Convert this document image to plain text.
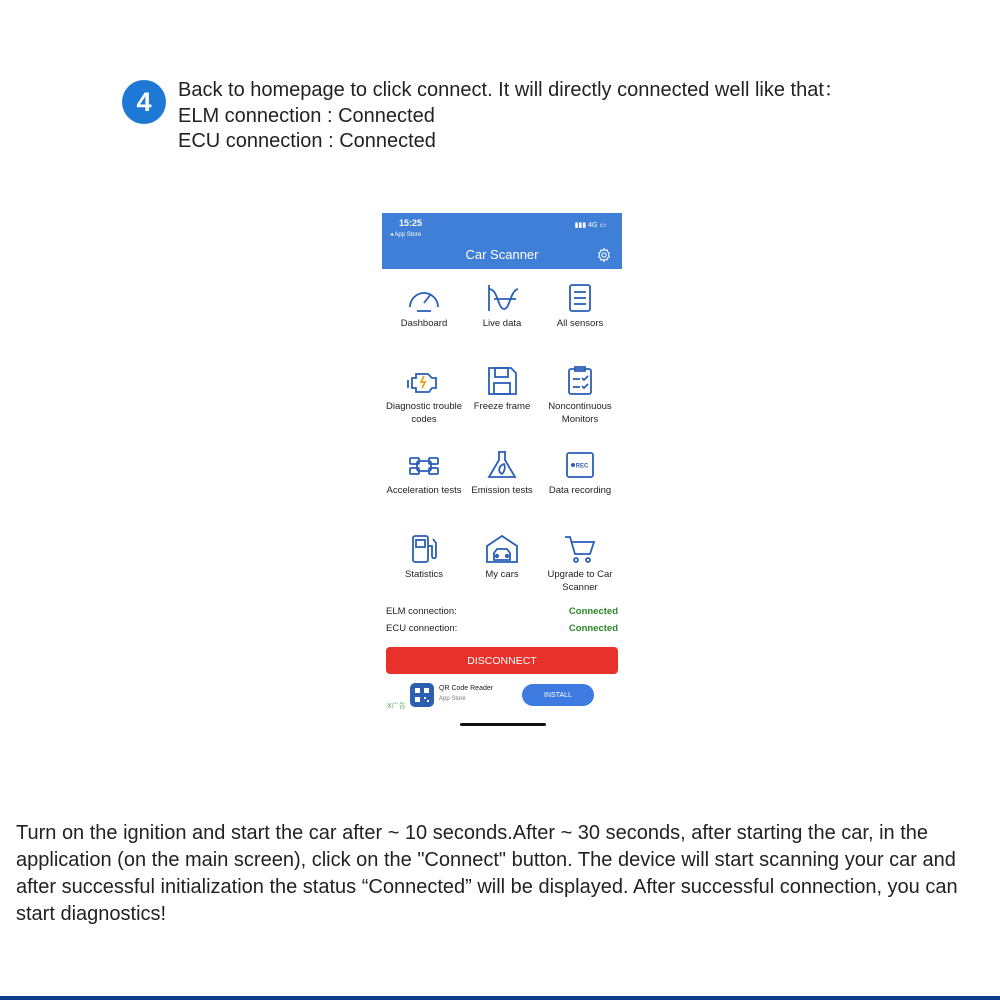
4	Back to homepage to click connect. It will directly connected well like that：
ELM connection : Connected
ECU connection : Connected
15:25
◂ App Store
▮▮▮ 4G ▭
Car Scanner
Dashboard	Live data	All sensors
Diagnostic trouble codes
Freeze frame	Noncontinuous Monitors
Acceleration tests	Emission tests
REC
Data recording
Statistics	My cars	Upgrade to Car Scanner
ELM connection:	Connected
ECU connection:	Connected
DISCONNECT
X广告
QR Code Reader
App Store
INSTALL
Turn on the ignition and start the car after ~ 10 seconds.After ~ 30 seconds, after starting the car, in the application (on the main screen), click on the "Connect" button. The device will start scanning your car and after successful initialization the status “Connected” will be displayed. After successful connection, you can start diagnostics!
